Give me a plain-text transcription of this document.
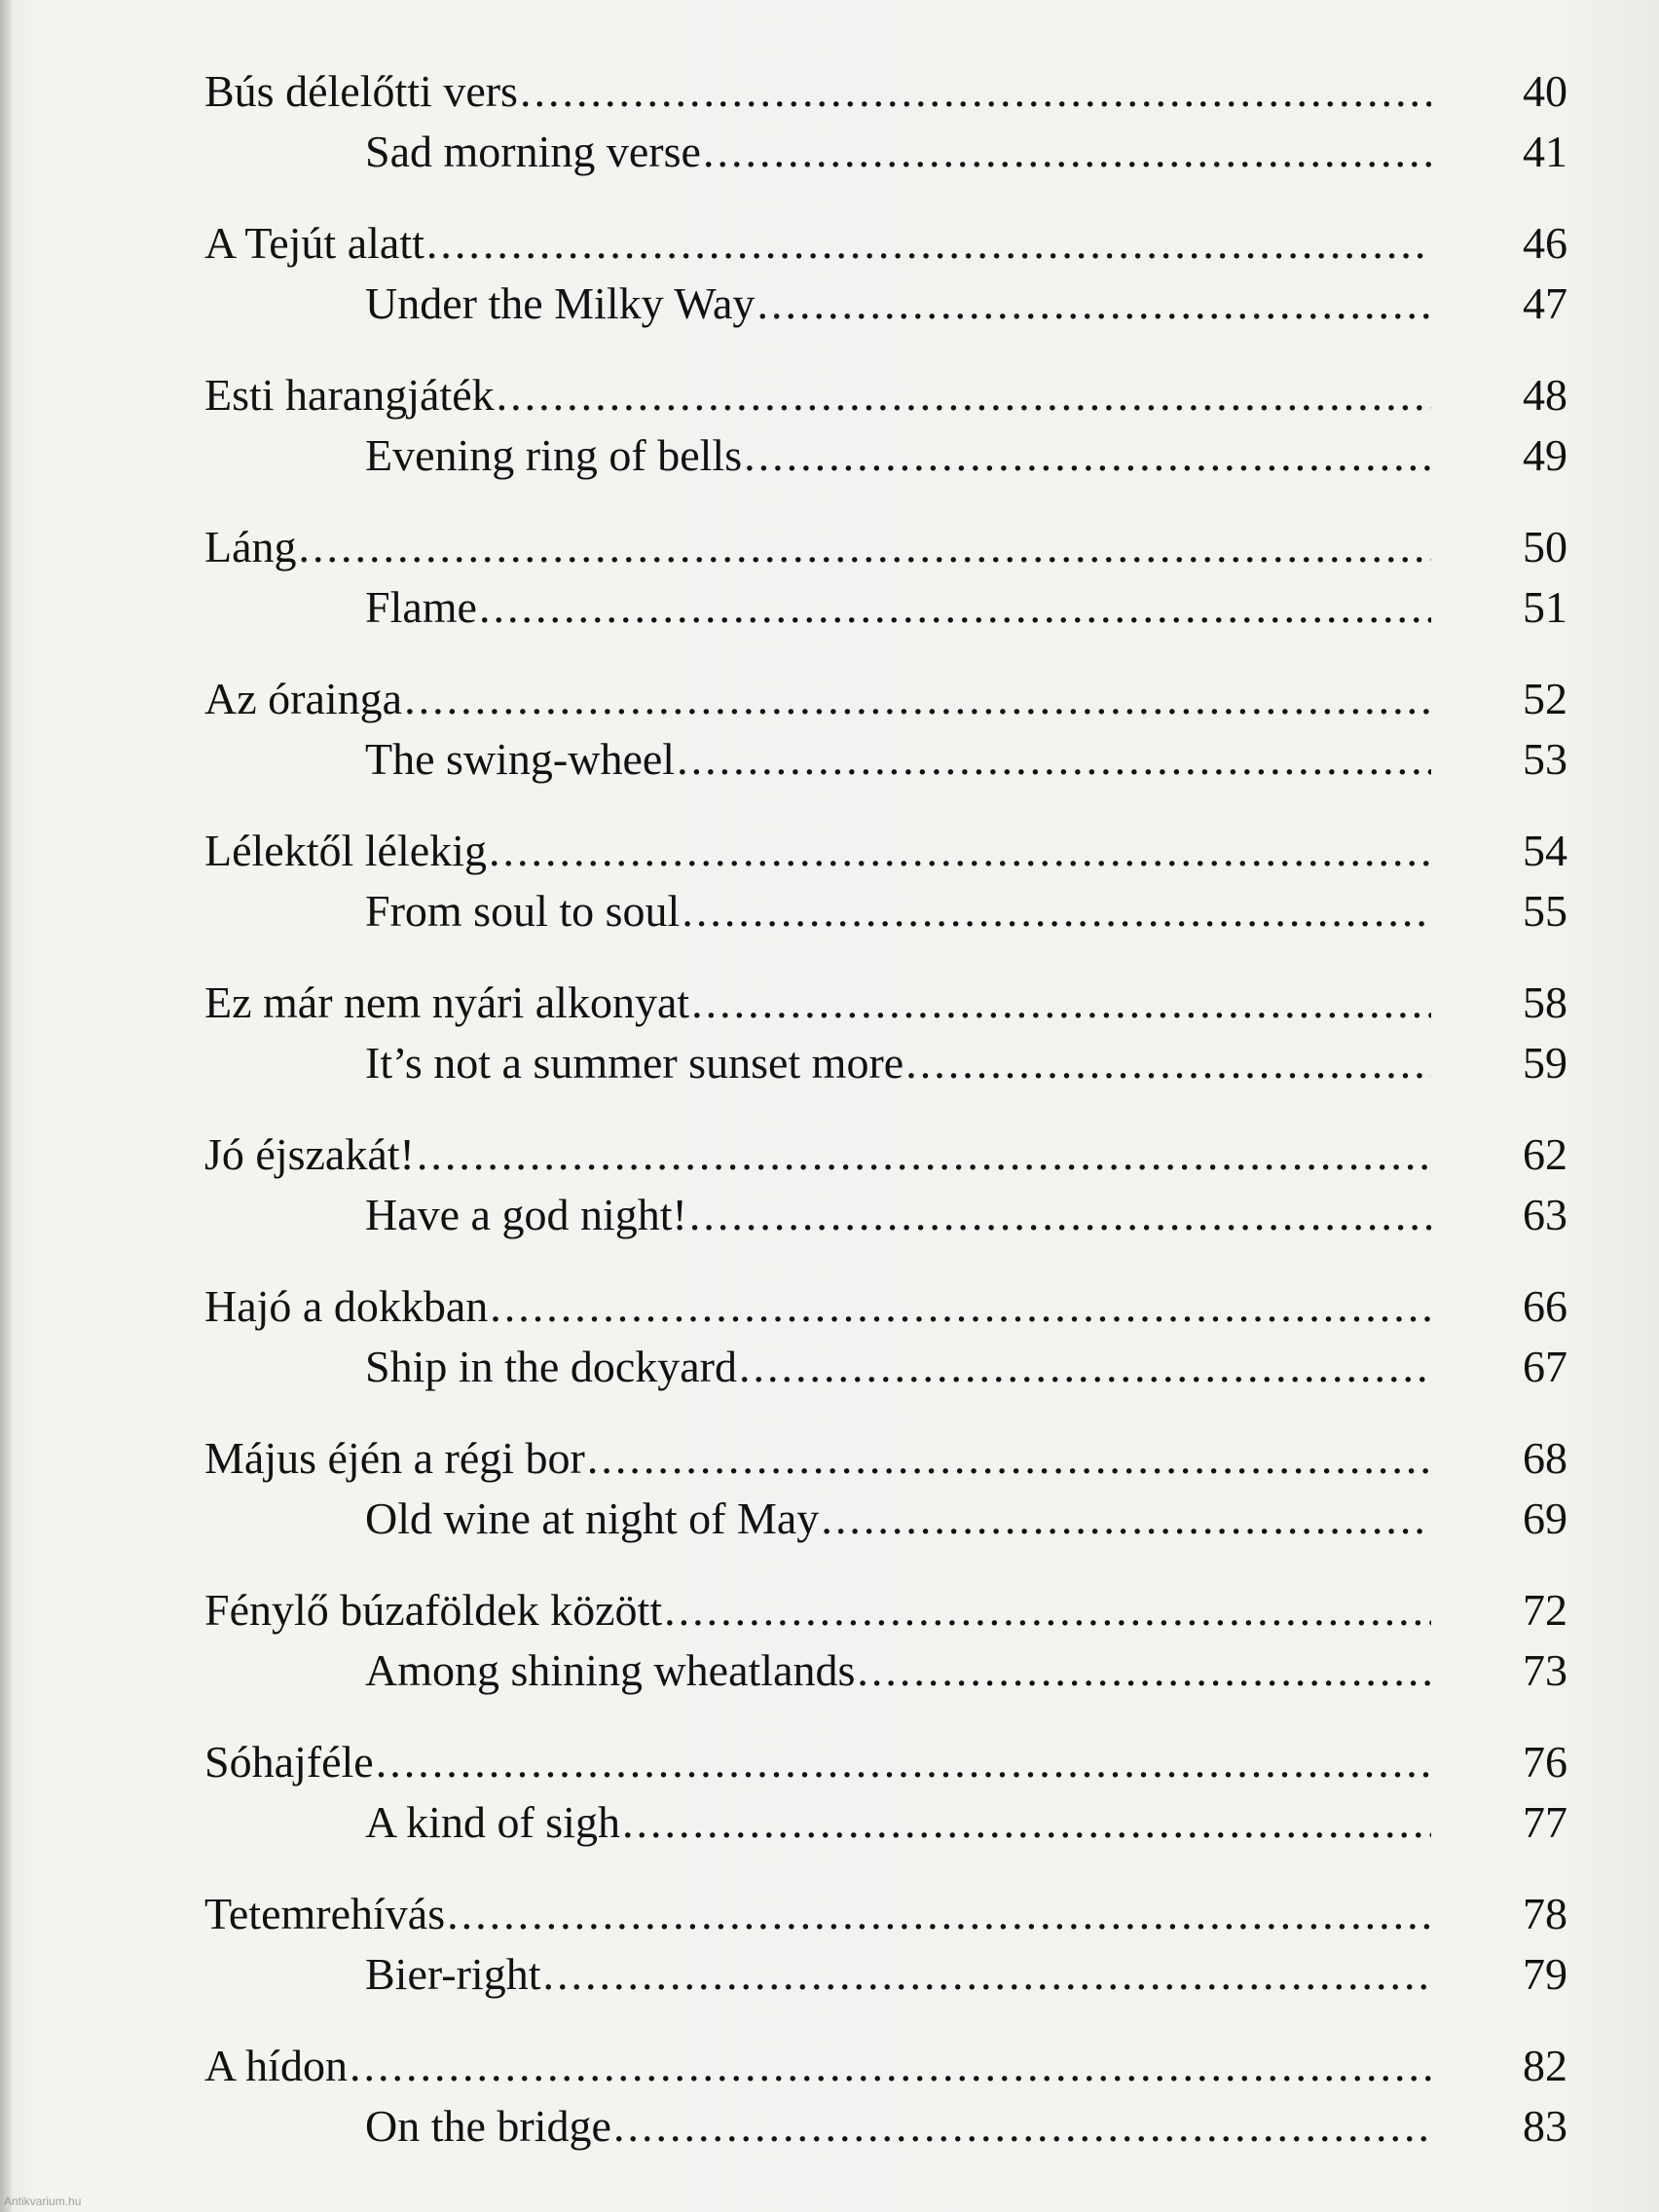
Bús délelőtti vers .....	40
Sad morning verse .....	41
A Tejút alatt .....	46
Under the Milky Way .....	47
Esti harangjáték .....	48
Evening ring of bells .....	49
Láng .....	50
Flame .....	51
Az órainga .....	52
The swing-wheel .....	53
Lélektől lélekig .....	54
From soul to soul .....	55
Ez már nem nyári alkonyat .....	58
It’s not a summer sunset more .....	59
Jó éjszakát! .....	62
Have a god night! .....	63
Hajó a dokkban .....	66
Ship in the dockyard .....	67
Május éjén a régi bor .....	68
Old wine at night of May .....	69
Fénylő búzaföldek között .....	72
Among shining wheatlands .....	73
Sóhajféle .....	76
A kind of sigh .....	77
Tetemrehívás .....	78
Bier-right .....	79
A hídon .....	82
On the bridge .....	83
Antikvarium.hu
